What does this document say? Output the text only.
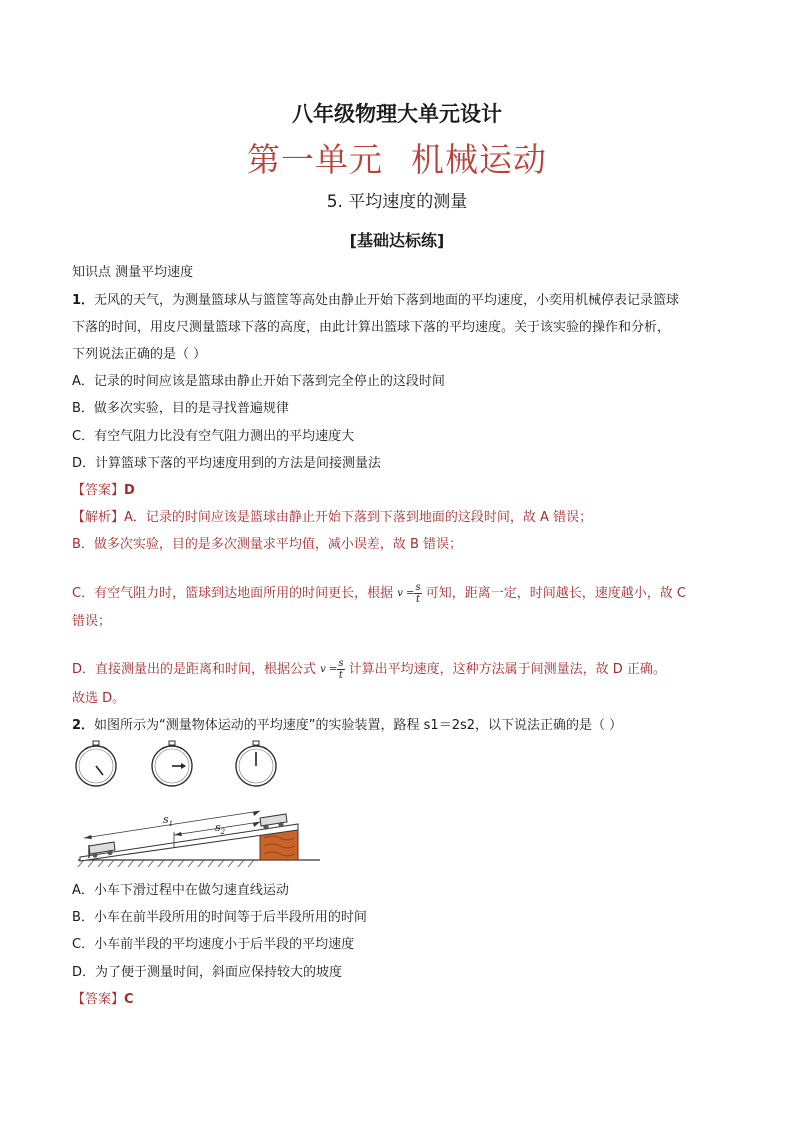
八年级物理大单元设计
第一单元 机械运动
5. 平均速度的测量
[基础达标练]
知识点 测量平均速度
1．无风的天气，为测量篮球从与篮筐等高处由静止开始下落到地面的平均速度，小奕用机械停表记录篮球
下落的时间，用皮尺测量篮球下落的高度，由此计算出篮球下落的平均速度。关于该实验的操作和分析，
下列说法正确的是（ ）
A．记录的时间应该是篮球由静止开始下落到完全停止的这段时间
B．做多次实验，目的是寻找普遍规律
C．有空气阻力比没有空气阻力测出的平均速度大
D．计算篮球下落的平均速度用到的方法是间接测量法
【答案】D
【解析】A．记录的时间应该是篮球由静止开始下落到下落到地面的这段时间，故 A 错误；
B．做多次实验，目的是多次测量求平均值，减小误差，故 B 错误；
C．有空气阻力时，篮球到达地面所用的时间更长，根据 $v = \frac{s}{t}$ 可知，距离一定，时间越长，速度越小，故 C
错误；
D．直接测量出的是距离和时间，根据公式 $v = \frac{s}{t}$ 计算出平均速度，这种方法属于间测量法，故 D 正确。
故选 D。
2．如图所示为“测量物体运动的平均速度”的实验装置，路程 s1＝2s2，以下说法正确的是（ ）
$s_1$	$s_2$
A．小车下滑过程中在做匀速直线运动
B．小车在前半段所用的时间等于后半段所用的时间
C．小车前半段的平均速度小于后半段的平均速度
D．为了便于测量时间，斜面应保持较大的坡度
【答案】C
